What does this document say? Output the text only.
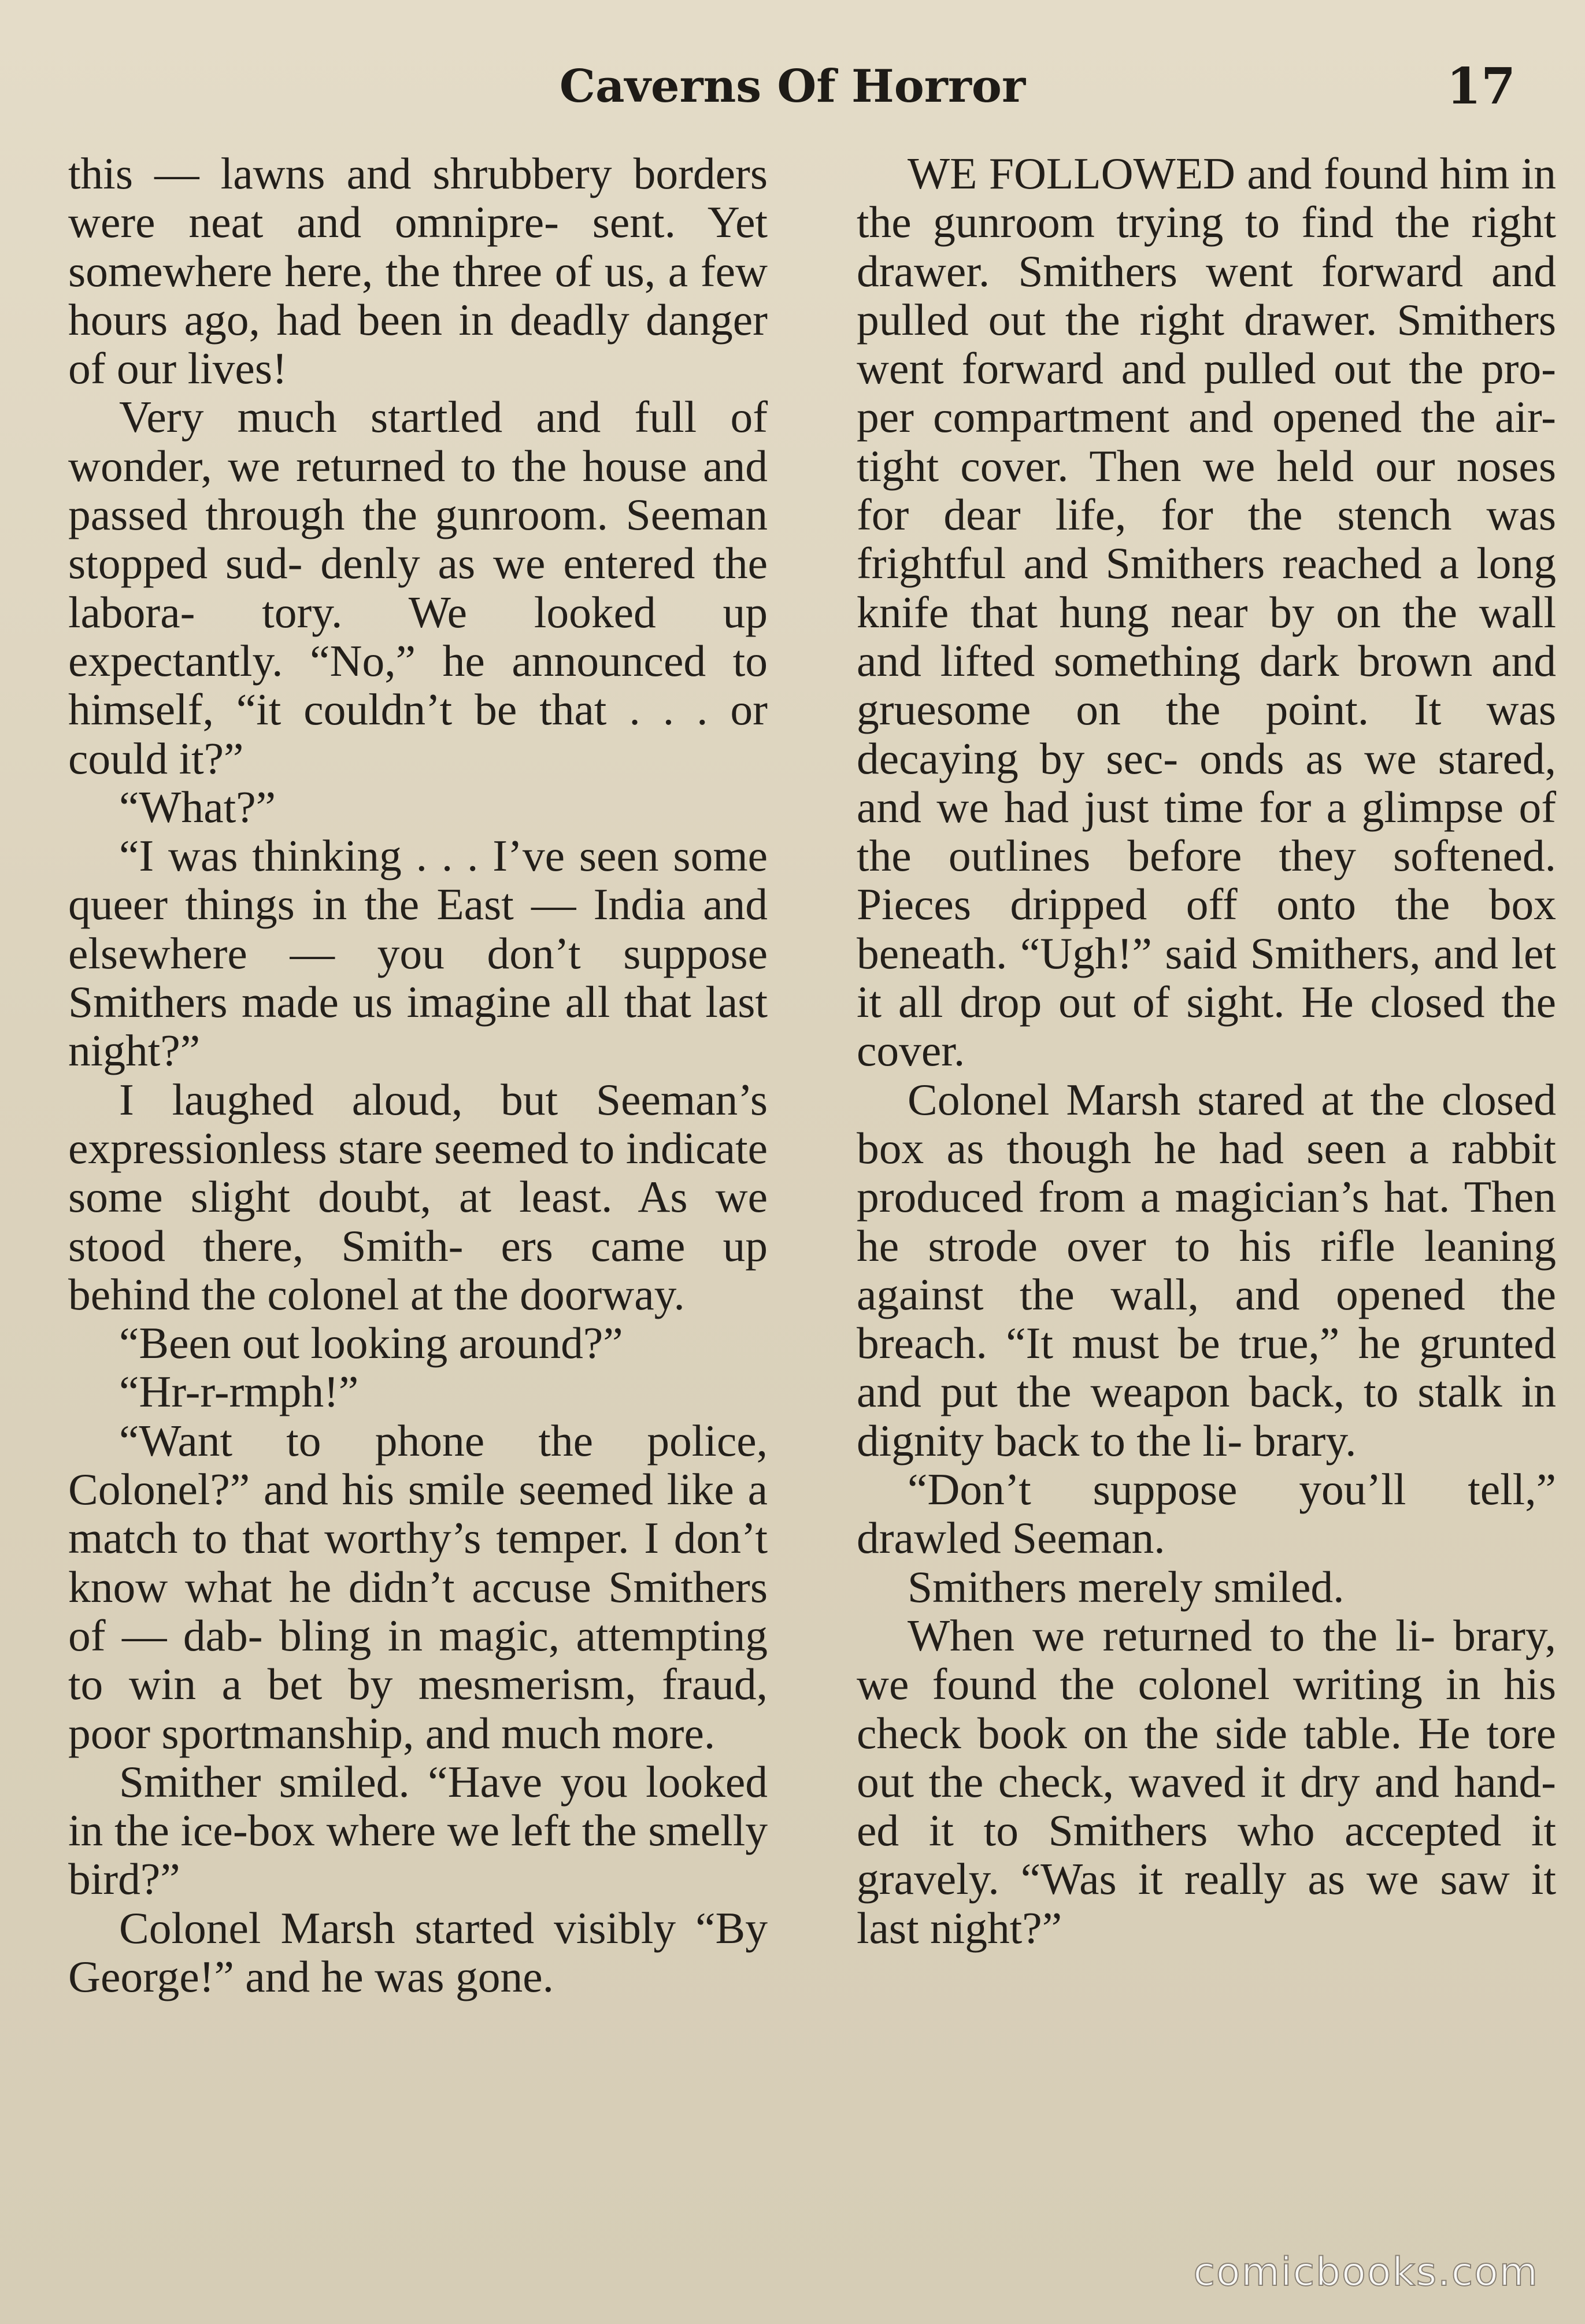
Caverns Of Horror	17

this — lawns and shrubbery borders were neat and omnipre- sent. Yet somewhere here, the three of us, a few hours ago, had been in deadly danger of our lives!

Very much startled and full of wonder, we returned to the house and passed through the gunroom. Seeman stopped sud- denly as we entered the labora- tory. We looked up expectantly. “No,” he announced to himself, “it couldn’t be that . . . or could it?”

“What?”

“I was thinking . . . I’ve seen some queer things in the East — India and elsewhere — you don’t suppose Smithers made us imagine all that last night?”

I laughed aloud, but Seeman’s expressionless stare seemed to indicate some slight doubt, at least. As we stood there, Smith- ers came up behind the colonel at the doorway.

“Been out looking around?”

“Hr-r-rmph!”

“Want to phone the police, Colonel?” and his smile seemed like a match to that worthy’s temper. I don’t know what he didn’t accuse Smithers of — dab- bling in magic, attempting to win a bet by mesmerism, fraud, poor sportmanship, and much more.

Smither smiled. “Have you looked in the ice-box where we left the smelly bird?”

Colonel Marsh started visibly “By George!” and he was gone.

WE FOLLOWED and found him in the gunroom trying to find the right drawer. Smithers went forward and pulled out the right drawer. Smithers went forward and pulled out the pro- per compartment and opened the air-tight cover. Then we held our noses for dear life, for the stench was frightful and Smithers reached a long knife that hung near by on the wall and lifted something dark brown and gruesome on the point. It was decaying by sec- onds as we stared, and we had just time for a glimpse of the outlines before they softened. Pieces dripped off onto the box beneath. “Ugh!” said Smithers, and let it all drop out of sight. He closed the cover.

Colonel Marsh stared at the closed box as though he had seen a rabbit produced from a magician’s hat. Then he strode over to his rifle leaning against the wall, and opened the breach. “It must be true,” he grunted and put the weapon back, to stalk in dignity back to the li- brary.

“Don’t suppose you’ll tell,” drawled Seeman.

Smithers merely smiled.

When we returned to the li- brary, we found the colonel writing in his check book on the side table. He tore out the check, waved it dry and hand- ed it to Smithers who accepted it gravely. “Was it really as we saw it last night?”

comicbooks.com
